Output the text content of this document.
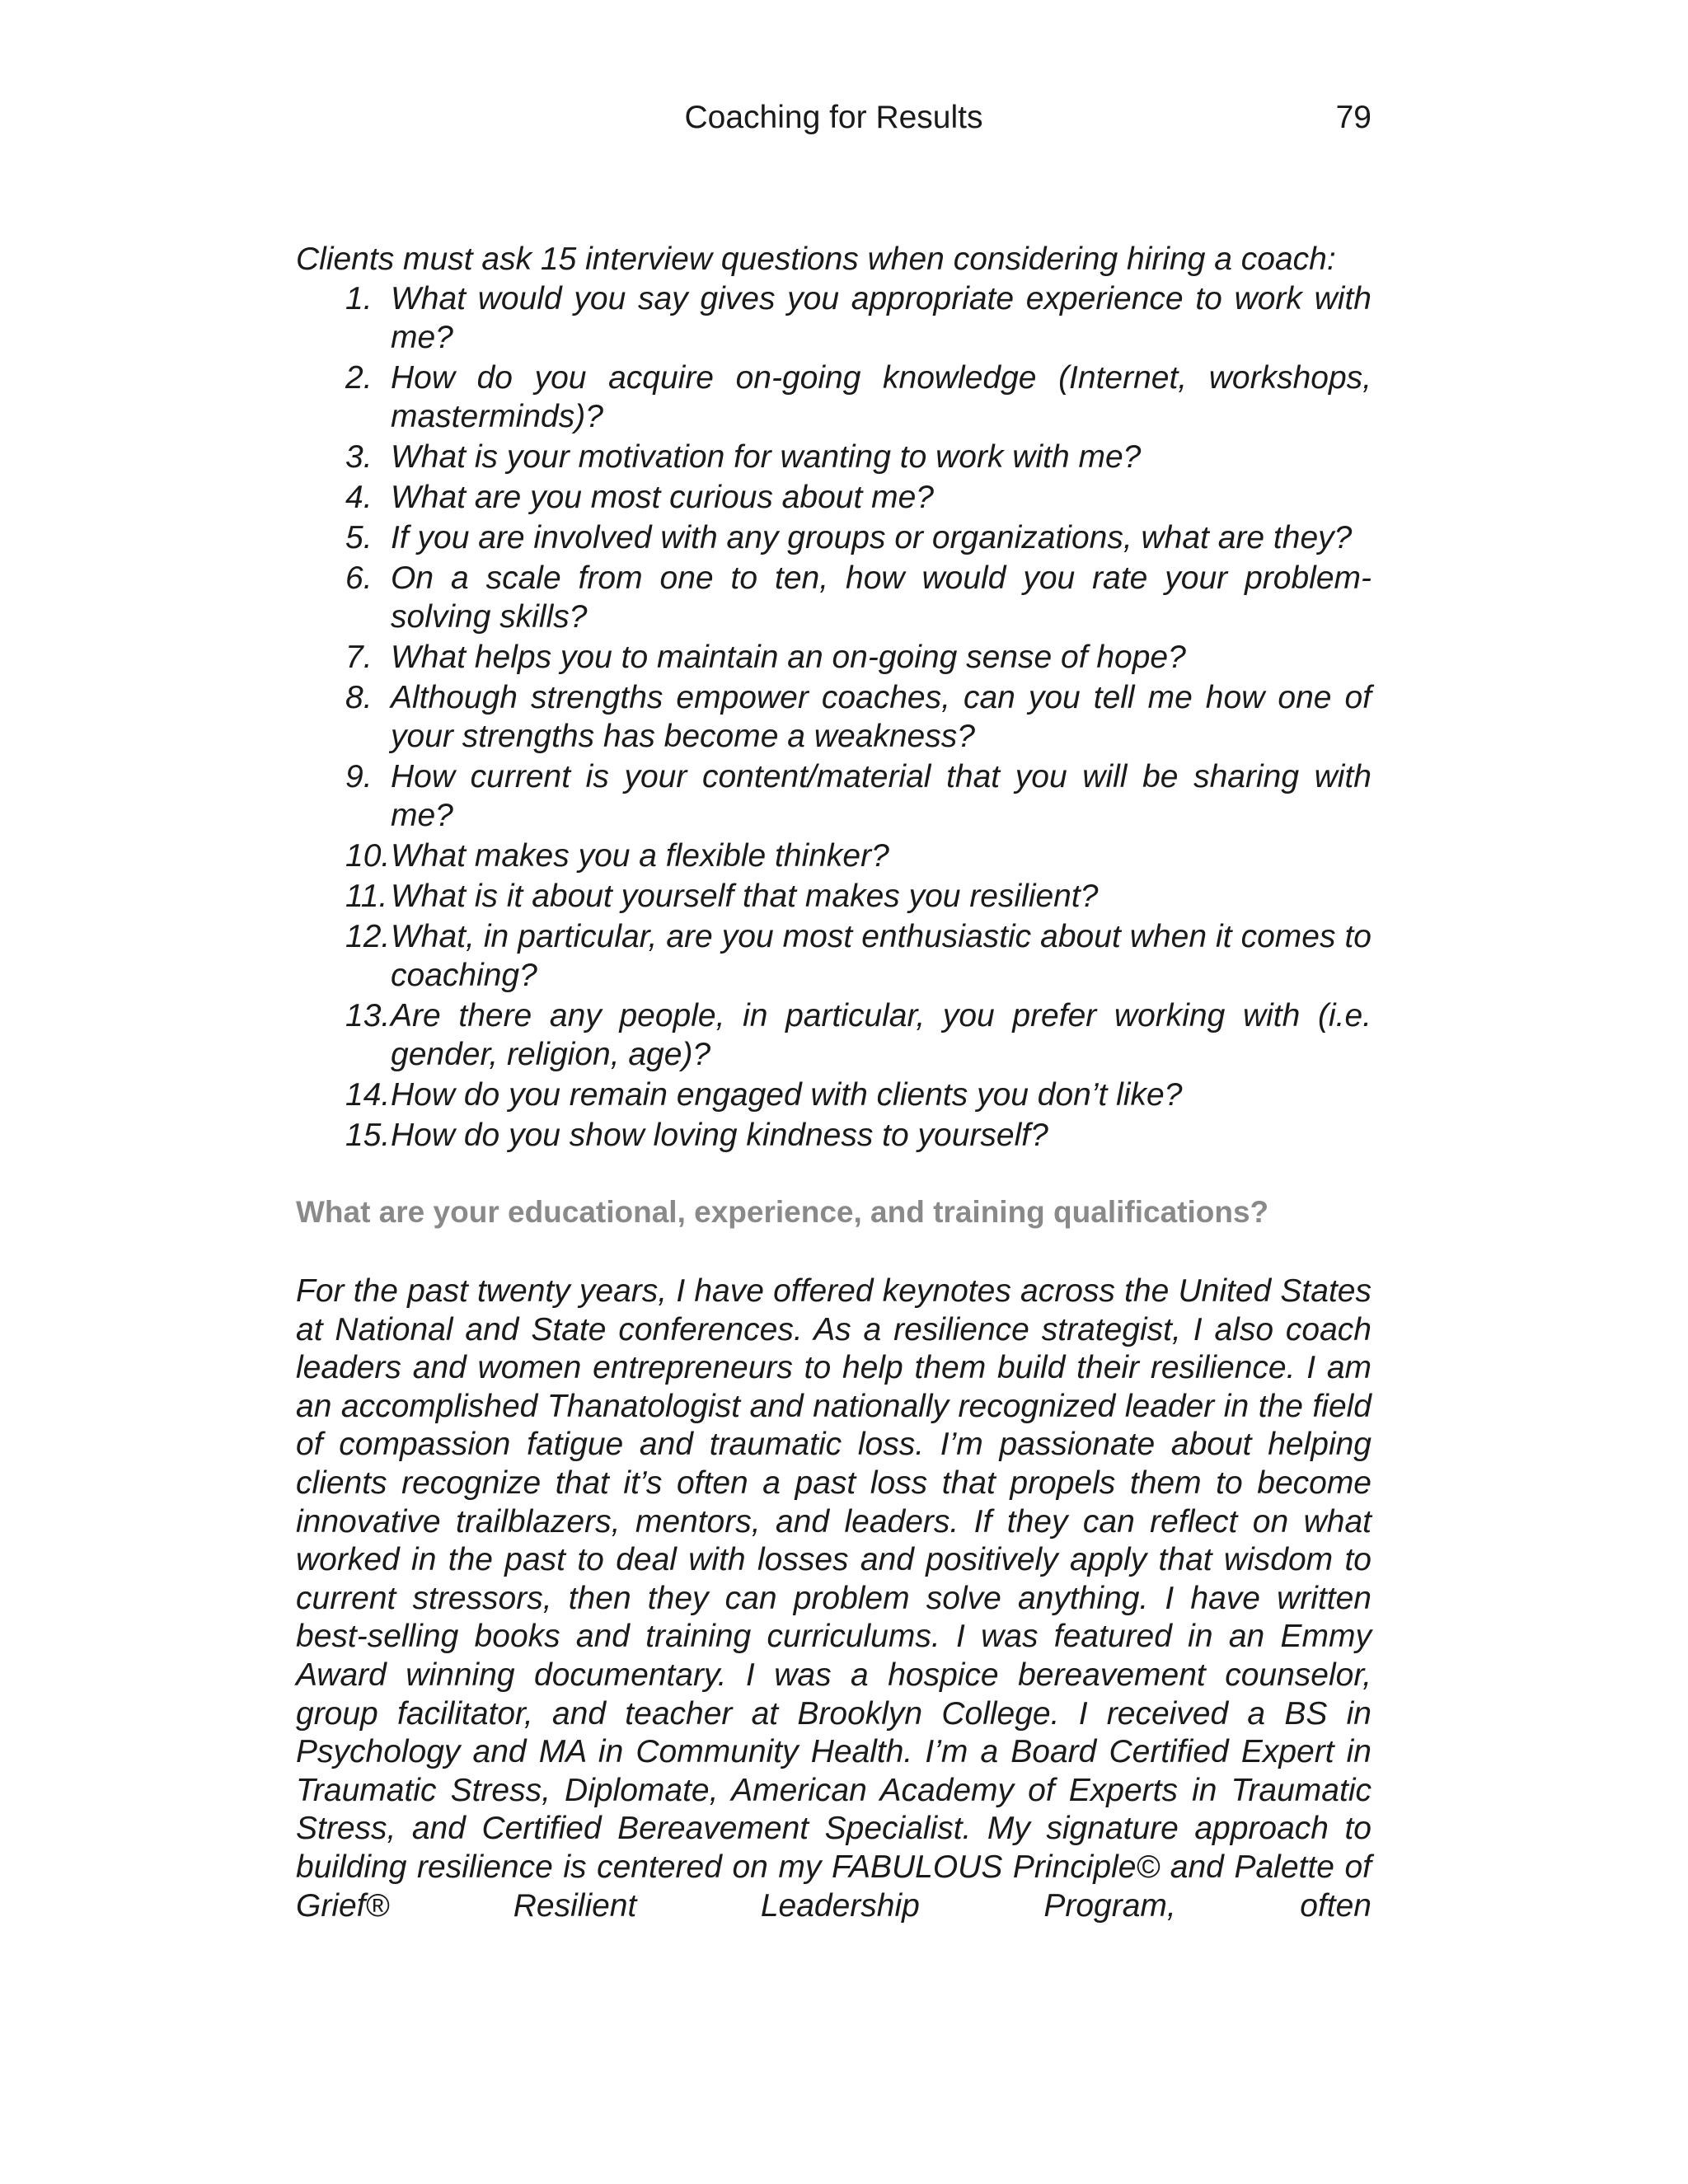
Coaching for Results	79

Clients must ask 15 interview questions when considering hiring a coach:

1. What would you say gives you appropriate experience to work with me?
2. How do you acquire on-going knowledge (Internet, workshops, masterminds)?
3. What is your motivation for wanting to work with me?
4. What are you most curious about me?
5. If you are involved with any groups or organizations, what are they?
6. On a scale from one to ten, how would you rate your problem-solving skills?
7. What helps you to maintain an on-going sense of hope?
8. Although strengths empower coaches, can you tell me how one of your strengths has become a weakness?
9. How current is your content/material that you will be sharing with me?
10. What makes you a flexible thinker?
11. What is it about yourself that makes you resilient?
12. What, in particular, are you most enthusiastic about when it comes to coaching?
13. Are there any people, in particular, you prefer working with (i.e. gender, religion, age)?
14. How do you remain engaged with clients you don’t like?
15. How do you show loving kindness to yourself?
What are your educational, experience, and training qualifications?

For the past twenty years, I have offered keynotes across the United States at National and State conferences. As a resilience strategist, I also coach leaders and women entrepreneurs to help them build their resilience. I am an accomplished Thanatologist and nationally recognized leader in the field of compassion fatigue and traumatic loss. I’m passionate about helping clients recognize that it’s often a past loss that propels them to become innovative trailblazers, mentors, and leaders. If they can reflect on what worked in the past to deal with losses and positively apply that wisdom to current stressors, then they can problem solve anything. I have written best-selling books and training curriculums. I was featured in an Emmy Award winning documentary. I was a hospice bereavement counselor, group facilitator, and teacher at Brooklyn College. I received a BS in Psychology and MA in Community Health. I’m a Board Certified Expert in Traumatic Stress, Diplomate, American Academy of Experts in Traumatic Stress, and Certified Bereavement Specialist. My signature approach to building resilience is centered on my FABULOUS Principle© and Palette of Grief® Resilient Leadership Program, often
